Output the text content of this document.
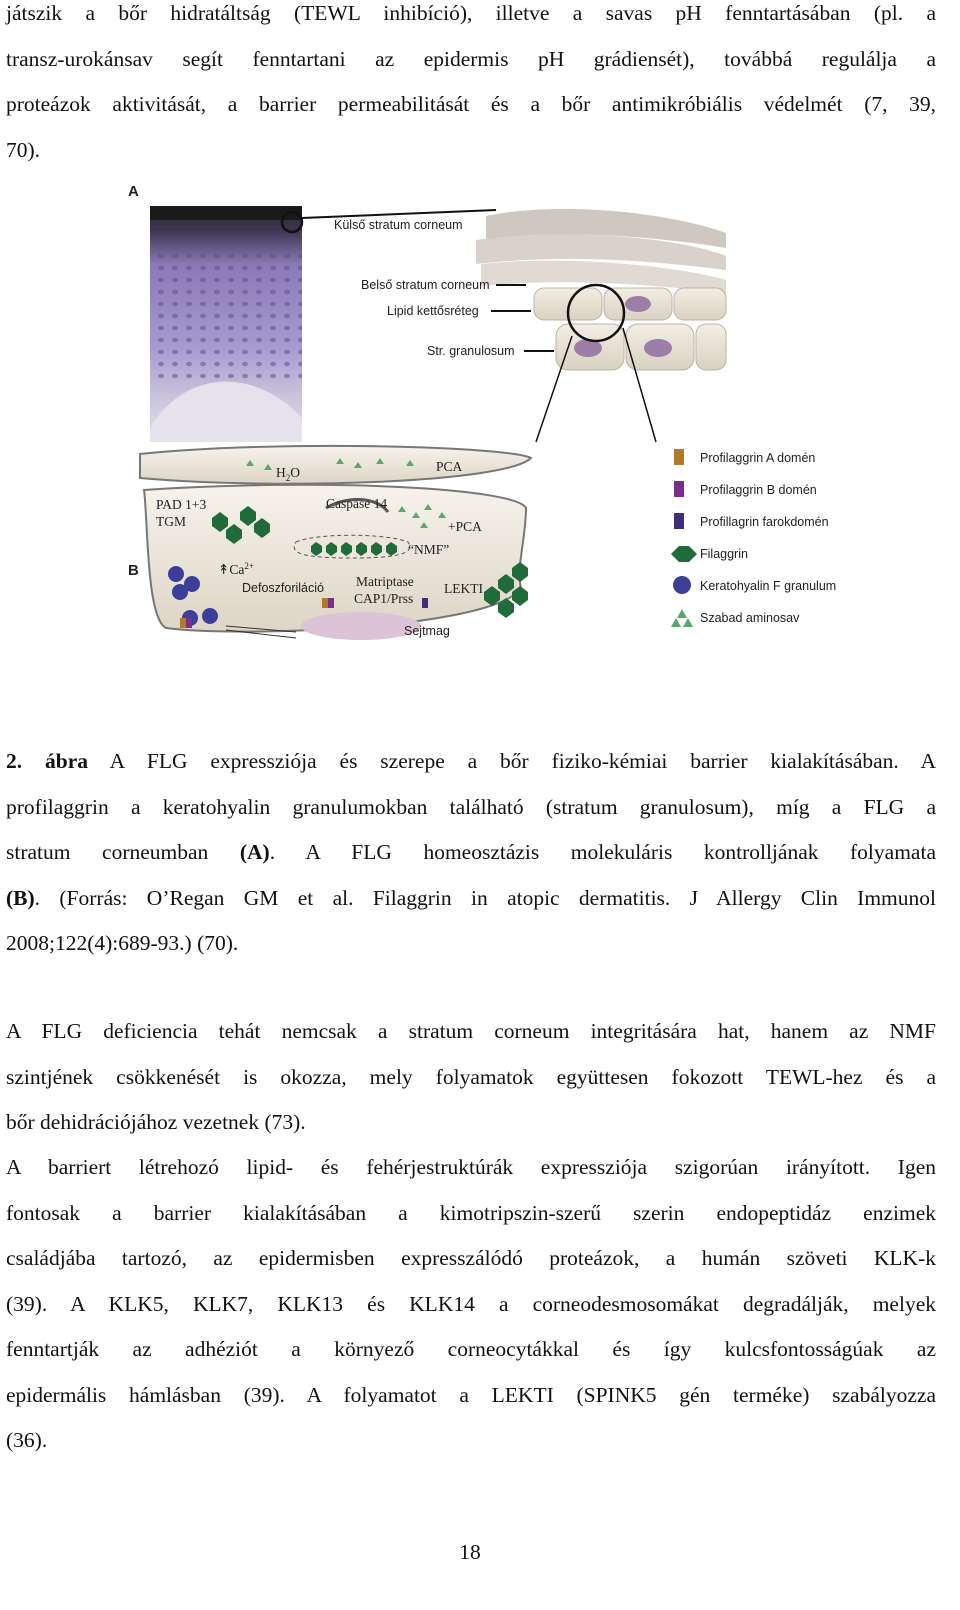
játszik a bőr hidratáltság (TEWL inhibíció), illetve a savas pH fenntartásában (pl. a
transz-urokánsav segít fenntartani az epidermis pH grádiensét), továbbá regulálja a
proteázok aktivitását, a barrier permeabilitását és a bőr antimikróbiális védelmét (7, 39,
70).
A
Külső stratum corneum
Belső stratum corneum
Lipid kettősréteg
Str. granulosum
B
$H_2O$	PCA
PAD 1+3
TGM
Caspase 14
+PCA
“NMF”
$↟Ca^{2+}$
Defoszforiláció Matriptase
CAP1/Prss
LEKTI
Sejtmag
Profilaggrin A domén
Profilaggrin B domén
Profillagrin farokdomén
Filaggrin
Keratohyalin F granulum
Szabad aminosav
2. ábra A FLG expressziója és szerepe a bőr fiziko-kémiai barrier kialakításában. A
profilaggrin a keratohyalin granulumokban található (stratum granulosum), míg a FLG a
stratum corneumban (A). A FLG homeosztázis molekuláris kontrolljának folyamata
(B). (Forrás: O’Regan GM et al. Filaggrin in atopic dermatitis. J Allergy Clin Immunol
2008;122(4):689-93.) (70).
A FLG deficiencia tehát nemcsak a stratum corneum integritására hat, hanem az NMF
szintjének csökkenését is okozza, mely folyamatok együttesen fokozott TEWL-hez és a
bőr dehidrációjához vezetnek (73).
A barriert létrehozó lipid- és fehérjestruktúrák expressziója szigorúan irányított. Igen
fontosak a barrier kialakításában a kimotripszin-szerű szerin endopeptidáz enzimek
családjába tartozó, az epidermisben expresszálódó proteázok, a humán szöveti KLK-k
(39). A KLK5, KLK7, KLK13 és KLK14 a corneodesmosomákat degradálják, melyek
fenntartják az adhéziót a környező corneocytákkal és így kulcsfontosságúak az
epidermális hámlásban (39). A folyamatot a LEKTI (SPINK5 gén terméke) szabályozza
(36).
18
